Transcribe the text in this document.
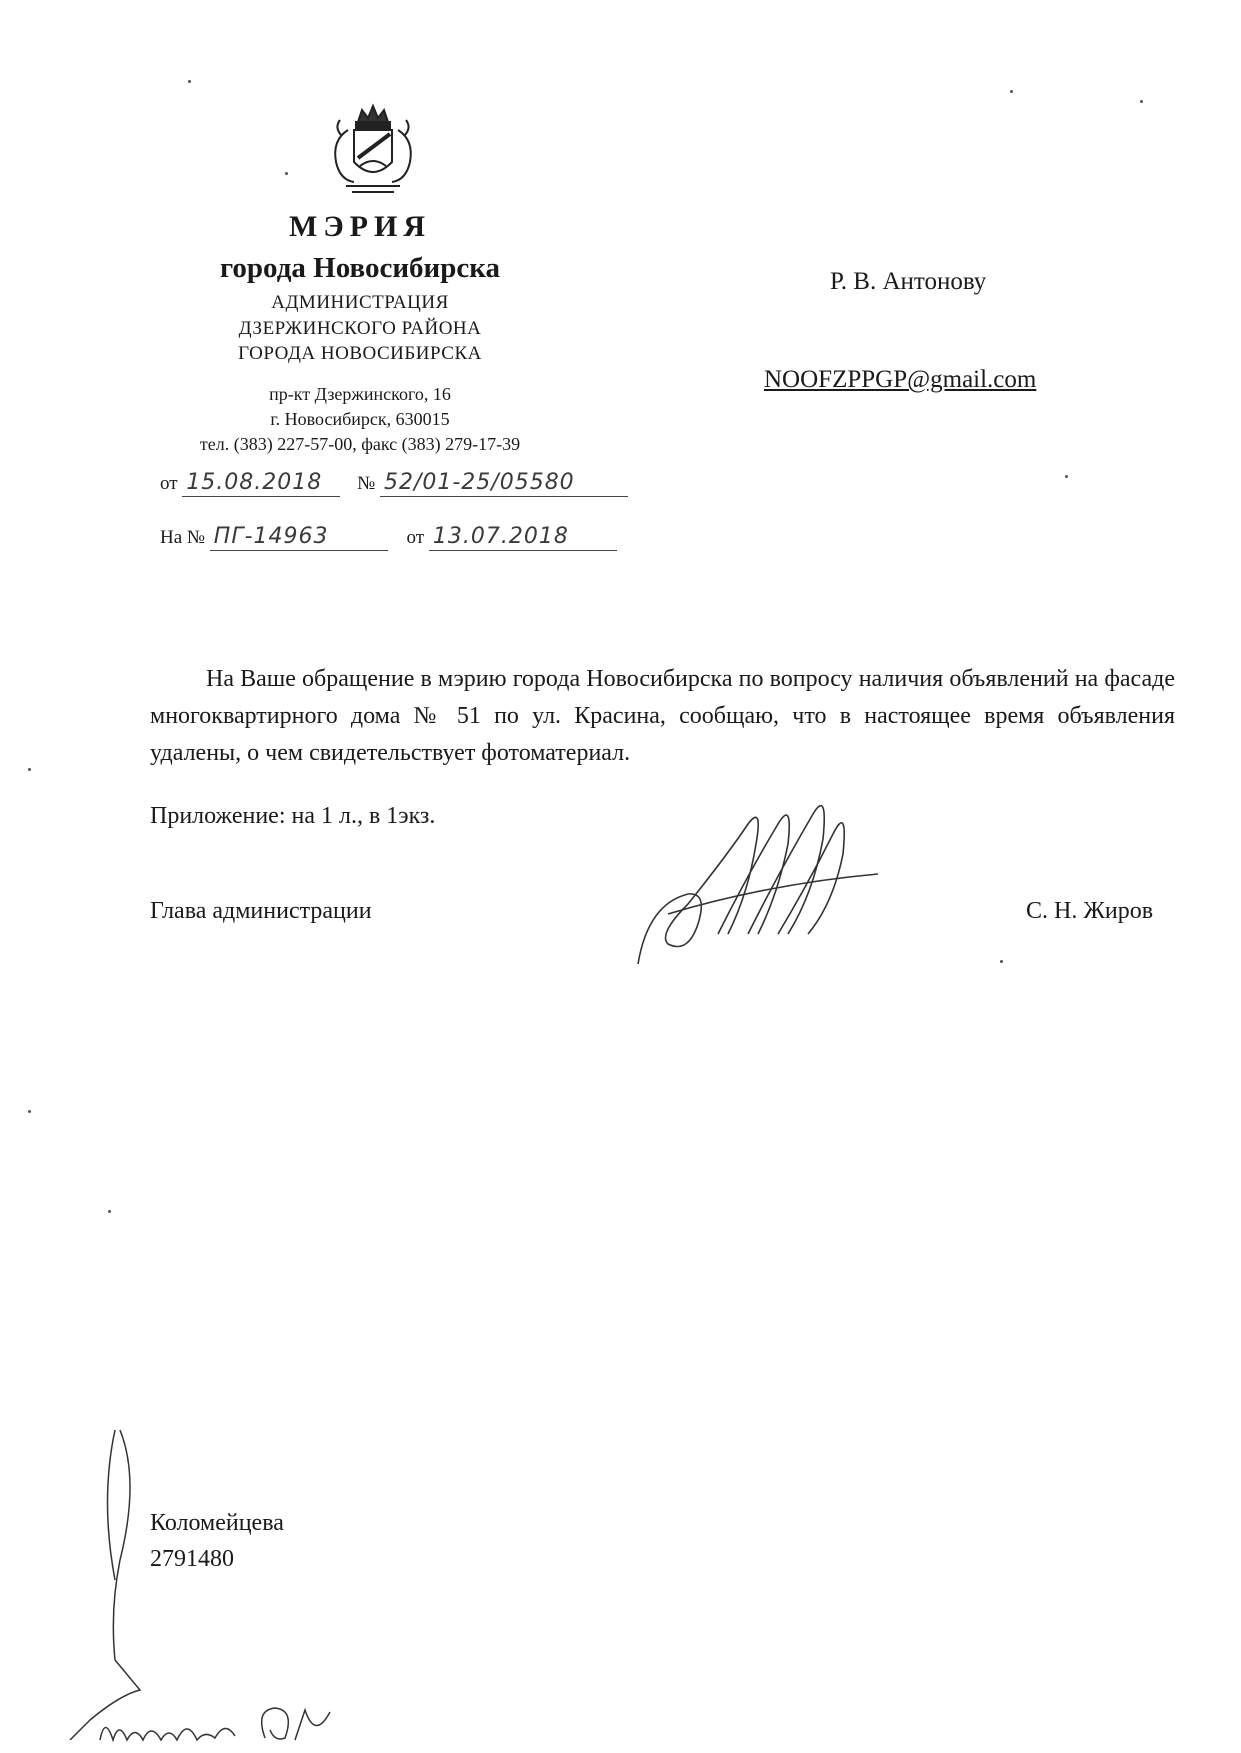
МЭРИЯ
города Новосибирска
АДМИНИСТРАЦИЯ
ДЗЕРЖИНСКОГО РАЙОНА
ГОРОДА НОВОСИБИРСКА
пр-кт Дзержинского, 16
г. Новосибирск, 630015
тел. (383) 227-57-00, факс (383) 279-17-39
от 15.08.2018 № 52/01-25/05580
На № ПГ-14963	от 13.07.2018
Р. В. Антонову
NOOFZPPGP@gmail.com
На Ваше обращение в мэрию города Новосибирска по вопросу наличия объявлений на фасаде многоквартирного дома № 51 по ул. Красина, сообщаю, что в настоящее время объявления удалены, о чем свидетельствует фотоматериал.
Приложение: на 1 л., в 1экз.
Глава администрации	С. Н. Жиров
Коломейцева
2791480
